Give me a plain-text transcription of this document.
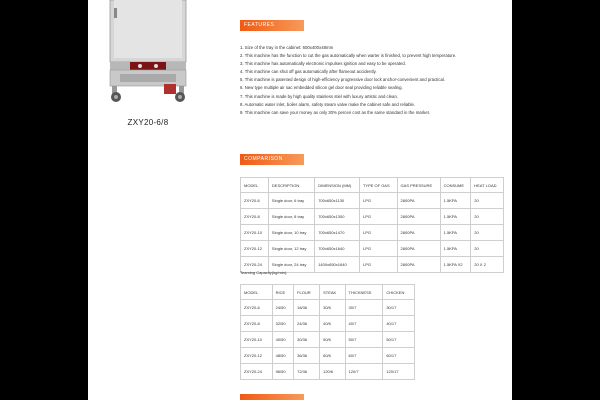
ZXY20-6/8
FEATURES
1. Size of the tray in the cabinet: 600x400x48mm
2. This machine has the function to cut the gas automatically when warter is finished, to prevent high temperature.
3. This machine has automatically electronic impulses ignition and easy to be operated.
4. This machine can shut off gas automatically after flameout accidently.
5. This machine is patented design of high-efficiency progressive door lock anchor-convenient and practical.
6. New type multiple air sac embedded silicon gel door seal providing reliable sealing.
7. This machine is made by high quality stainless stiel with luxury artistic and clean.
8. Automatic water inlet, boiler alarm, safety steam valve make the cabinet safe and reliable.
9. This machine can save your money as only 30% percen cost as the same standard in the market.
COMPARISON
MODEL	DESCRIPTION	DIMENSION (MM)	TYPE OF GAS	GAS PRESSURE	CONSUME	HEAT LOAD
ZXY20-6	Single door, 6 tray	700x650x1130	LPG	2800PA	1.5KPA	20
ZXY20-8	Single door, 8 tray	700x650x1300	LPG	2800PA	1.5KPA	20
ZXY20-10	Single door, 10 tray	700x650x1470	LPG	2800PA	1.5KPA	20
ZXY20-12	Single door, 12 tray	700x650x1640	LPG	2800PA	1.5KPA	20
ZXY20-24	Single door, 24 tray	1400x650x1640	LPG	2800PA	1.5KPA X2	20 X 2
Teaming Capacity(kg/min):
MODEL	RICE	FLOUR	STEAK	THICKNESS	CHICKEN
ZXY20-6	24/50	18/36	30/6	30/7	30/17
ZXY20-8	32/50	24/36	40/6	40/7	40/17
ZXY20-10	40/50	30/36	50/6	50/7	50/17
ZXY20-12	48/50	36/36	60/6	60/7	60/17
ZXY20-24	96/50	72/36	120/6	120/7	120/17
